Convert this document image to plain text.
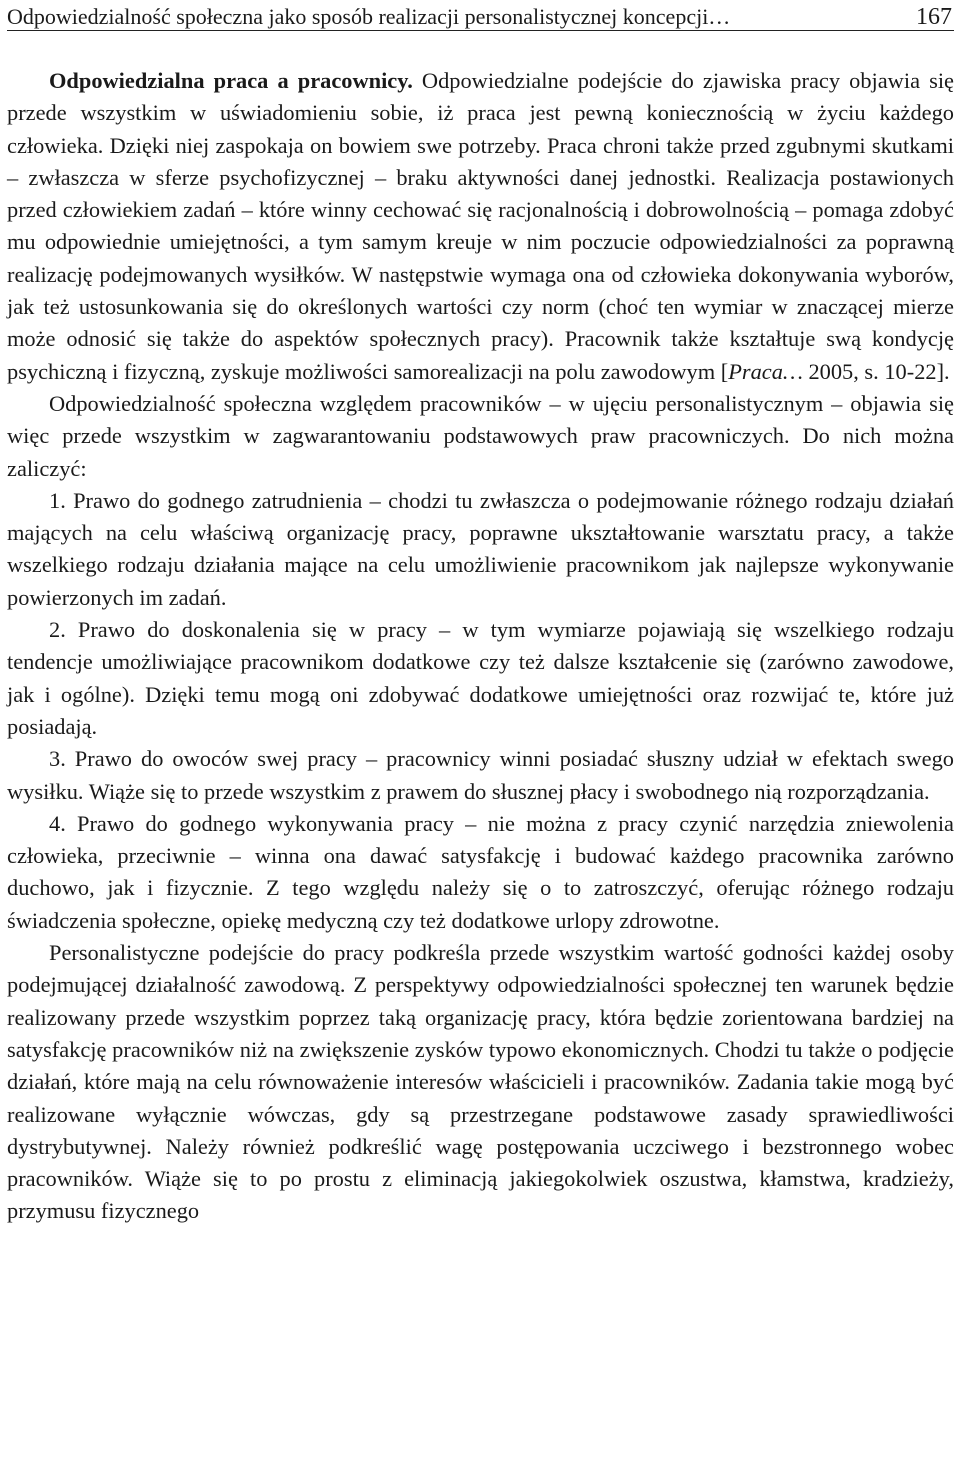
Odpowiedzialność społeczna jako sposób realizacji personalistycznej koncepcji…	167

Odpowiedzialna praca a pracownicy. Odpowiedzialne podejście do zjawiska pracy objawia się przede wszystkim w uświadomieniu sobie, iż praca jest pewną koniecznością w życiu każdego człowieka. Dzięki niej zaspokaja on bowiem swe potrzeby. Praca chroni także przed zgubnymi skutkami – zwłaszcza w sferze psychofizycznej – braku aktywności danej jednostki. Realizacja postawionych przed człowiekiem zadań – które winny cechować się racjonalnością i dobrowolnością – pomaga zdobyć mu odpowiednie umiejętności, a tym samym kreuje w nim poczucie odpowiedzialności za poprawną realizację podejmowanych wysiłków. W następstwie wymaga ona od człowieka dokonywania wyborów, jak też ustosunkowania się do określonych wartości czy norm (choć ten wymiar w znaczącej mierze może odnosić się także do aspektów społecznych pracy). Pracownik także kształtuje swą kondycję psychiczną i fizyczną, zyskuje możliwości samorealizacji na polu zawodowym [Praca… 2005, s. 10-22].

Odpowiedzialność społeczna względem pracowników – w ujęciu personalistycznym – objawia się więc przede wszystkim w zagwarantowaniu podstawowych praw pracowniczych. Do nich można zaliczyć:

1. Prawo do godnego zatrudnienia – chodzi tu zwłaszcza o podejmowanie różnego rodzaju działań mających na celu właściwą organizację pracy, poprawne ukształtowanie warsztatu pracy, a także wszelkiego rodzaju działania mające na celu umożliwienie pracownikom jak najlepsze wykonywanie powierzonych im zadań.

2. Prawo do doskonalenia się w pracy – w tym wymiarze pojawiają się wszelkiego rodzaju tendencje umożliwiające pracownikom dodatkowe czy też dalsze kształcenie się (zarówno zawodowe, jak i ogólne). Dzięki temu mogą oni zdobywać dodatkowe umiejętności oraz rozwijać te, które już posiadają.

3. Prawo do owoców swej pracy – pracownicy winni posiadać słuszny udział w efektach swego wysiłku. Wiąże się to przede wszystkim z prawem do słusznej płacy i swobodnego nią rozporządzania.

4. Prawo do godnego wykonywania pracy – nie można z pracy czynić narzędzia zniewolenia człowieka, przeciwnie – winna ona dawać satysfakcję i budować każdego pracownika zarówno duchowo, jak i fizycznie. Z tego względu należy się o to zatroszczyć, oferując różnego rodzaju świadczenia społeczne, opiekę medyczną czy też dodatkowe urlopy zdrowotne.

Personalistyczne podejście do pracy podkreśla przede wszystkim wartość godności każdej osoby podejmującej działalność zawodową. Z perspektywy odpowiedzialności społecznej ten warunek będzie realizowany przede wszystkim poprzez taką organizację pracy, która będzie zorientowana bardziej na satysfakcję pracowników niż na zwiększenie zysków typowo ekonomicznych. Chodzi tu także o podjęcie działań, które mają na celu równoważenie interesów właścicieli i pracowników. Zadania takie mogą być realizowane wyłącznie wówczas, gdy są przestrzegane podstawowe zasady sprawiedliwości dystrybutywnej. Należy również podkreślić wagę postępowania uczciwego i bezstronnego wobec pracowników. Wiąże się to po prostu z eliminacją jakiegokolwiek oszustwa, kłamstwa, kradzieży, przymusu fizycznego
